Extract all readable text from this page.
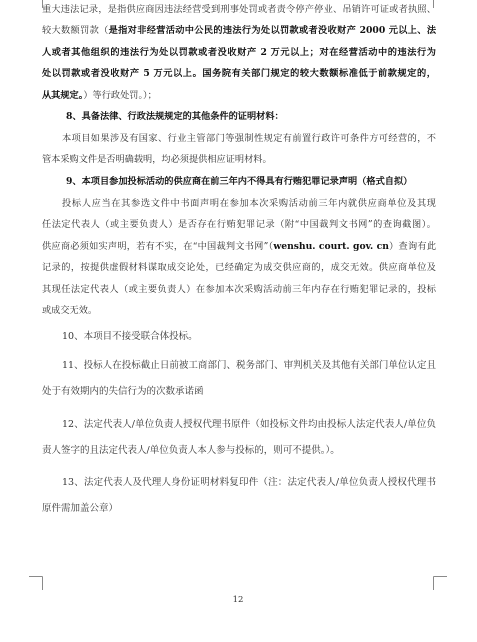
重大违法记录，是指供应商因违法经营受到刑事处罚或者责令停产停业、吊销许可证或者执照、
较大数额罚款（是指对非经营活动中公民的违法行为处以罚款或者没收财产 2000 元以上、法
人或者其他组织的违法行为处以罚款或者没收财产 2 万元以上；对在经营活动中的违法行为
处以罚款或者没收财产 5 万元以上。国务院有关部门规定的较大数额标准低于前款规定的，
从其规定。）等行政处罚。）；
8、具备法律、行政法规规定的其他条件的证明材料：
本项目如果涉及有国家、行业主管部门等强制性规定有前置行政许可条件方可经营的，不
管本采购文件是否明确载明，均必须提供相应证明材料。
9、本项目参加投标活动的供应商在前三年内不得具有行贿犯罪记录声明（格式自拟）
投标人应当在其参选文件中书面声明在参加本次采购活动前三年内就供应商单位及其现
任法定代表人（或主要负责人）是否存在行贿犯罪记录（附“中国裁判文书网”的查询截图）。
供应商必须如实声明，若有不实，在“中国裁判文书网”（wenshu. court. gov. cn）查询有此
记录的，按提供虚假材料谋取成交论处，已经确定为成交供应商的，成交无效。供应商单位及
其现任法定代表人（或主要负责人）在参加本次采购活动前三年内存在行贿犯罪记录的，投标
或成交无效。
10、本项目不接受联合体投标。
11、投标人在投标截止日前被工商部门、税务部门、审判机关及其他有关部门单位认定且
处于有效期内的失信行为的次数承诺函
12、法定代表人/单位负责人授权代理书原件（如投标文件均由投标人法定代表人/单位负
责人签字的且法定代表人/单位负责人本人参与投标的，则可不提供。）。
13、法定代表人及代理人身份证明材料复印件（注：法定代表人/单位负责人授权代理书
原件需加盖公章）
12
